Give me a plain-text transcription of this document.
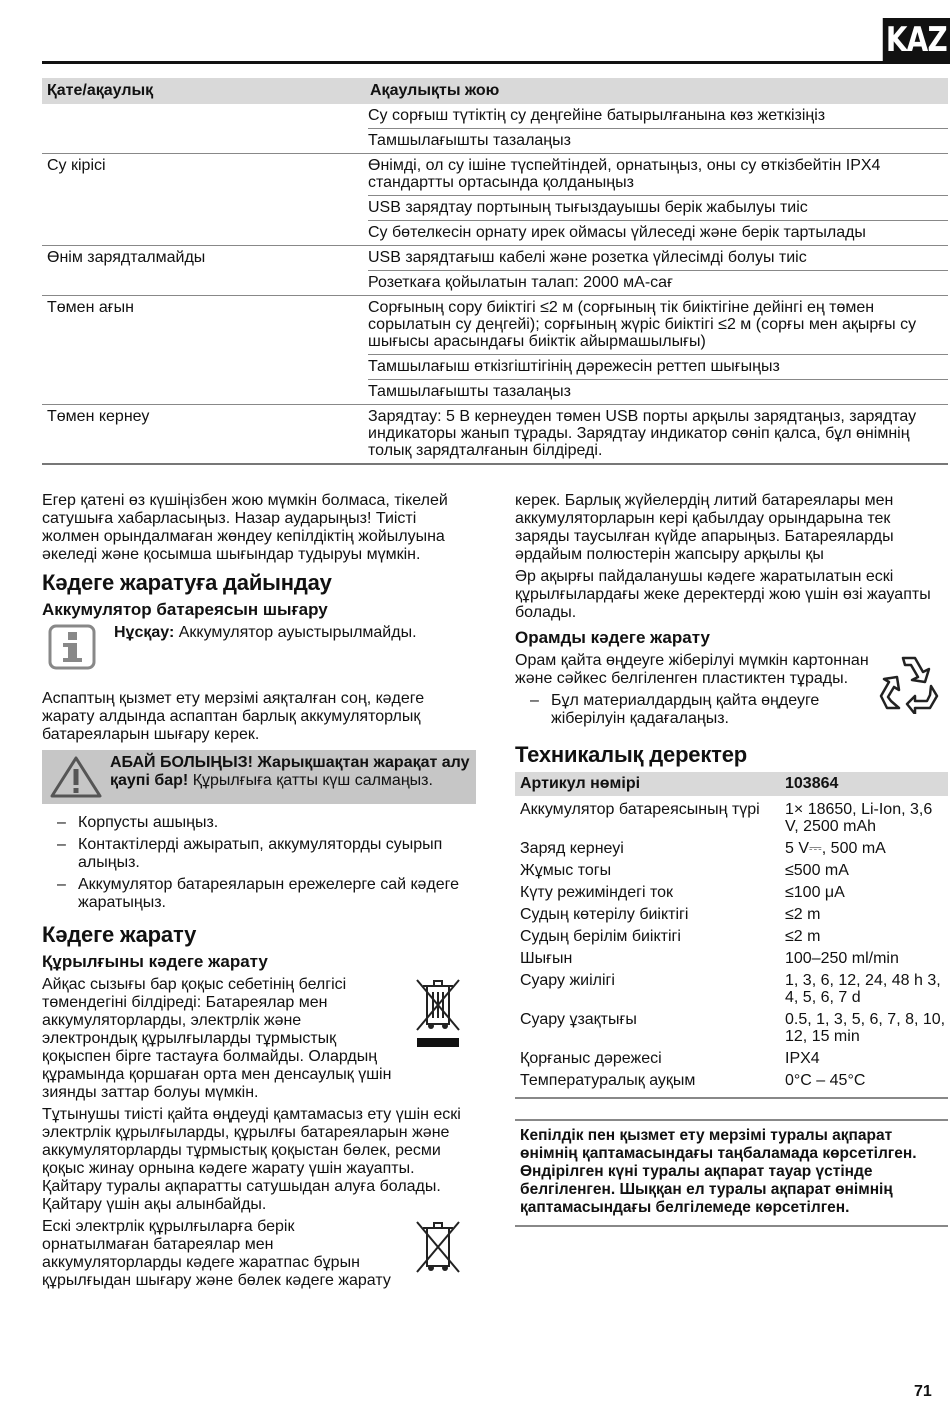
KAZ
Қате/ақаулық	Ақаулықты жою
Су сорғыш түтіктің су деңгейіне батырылғанына көз жеткізіңіз
Тамшылағышты тазалаңыз
Су кірісі	Өнімді, ол су ішіне түспейтіндей, орнатыңыз, оны су өткізбейтін IPX4 стандартты ортасында қолданыңыз
USB зарядтау портының тығыздауышы берік жабылуы тиіс
Су бөтелкесін орнату ирек оймасы үйлеседі және берік тартылады
Өнім зарядталмайды	USB зарядтағыш кабелі және розетка үйлесімді болуы тиіс
Розеткаға қойылатын талап: 2000 мА-сағ
Төмен ағын	Сорғының сору биіктігі ≤2 м (сорғының тік биіктігіне дейінгі ең төмен сорылатын су деңгейі); сорғының жүріс биіктігі ≤2 м (сорғы мен ақырғы су шығысы арасындағы биіктік айырмашылығы)
Тамшылағыш өткізгіштігінің дәрежесін реттеп шығыңыз
Тамшылағышты тазалаңыз
Төмен кернеу	Зарядтау: 5 В кернеуден төмен USB порты арқылы зарядтаңыз, зарядтау индикаторы жанып тұрады. Зарядтау индикатор сөніп қалса, бұл өнімнің толық зарядталғанын білдіреді.

Егер қатені өз күшіңізбен жою мүмкін болмаса, тікелей сатушыға хабарласыңыз. Назар аударыңыз! Тиісті жолмен орындалмаған жөндеу кепілдіктің жойылуына әкеледі және қосымша шығындар тудыруы мүмкін.

Кәдеге жаратуға дайындау
Аккумулятор батареясын шығару
Нұсқау: Аккумулятор ауыстырылмайды.

Аспаптың қызмет ету мерзімі аяқталған соң, кәдеге жарату алдында аспаптан барлық аккумуляторлық батареяларын шығару керек.

АБАЙ БОЛЫҢЫЗ! Жарықшақтан жарақат алу қаупі бар! Құрылғыға қатты күш салмаңыз.
– Корпусты ашыңыз.
– Контактілерді ажыратып, аккумуляторды суырып алыңыз.
– Аккумулятор батареяларын ережелерге сай кәдеге жаратыңыз.
Кәдеге жарату
Құрылғыны кәдеге жарату

Айқас сызығы бар қоқыс себетінің белгісі төмендегіні білдіреді: Батареялар мен аккумуляторларды, электрлік және электрондық құрылғыларды тұрмыстық қоқыспен бірге тастауға болмайды. Олардың құрамында қоршаған орта мен денсаулық үшін зиянды заттар болуы мүмкін.

Тұтынушы тиісті қайта өңдеуді қамтамасыз ету үшін ескі электрлік құрылғыларды, құрылғы батареяларын және аккумуляторларды тұрмыстық қоқыстан бөлек, ресми қоқыс жинау орнына кәдеге жарату үшін жауапты. Қайтару туралы ақпаратты сатушыдан алуға болады. Қайтару үшін ақы алынбайды.

Ескі электрлік құрылғыларға берік орнатылмаған батареялар мен аккумуляторларды кәдеге жаратпас бұрын құрылғыдан шығару және бөлек кәдеге жарату

керек. Барлық жүйелердің литий батареялары мен аккумуляторларын кері қабылдау орындарына тек заряды таусылған күйде апарыңыз. Батареяларды әрдайым полюстерін жапсыру арқылы қы

Әр ақырғы пайдаланушы кәдеге жаратылатын ескі құрылғылардағы жеке деректерді жою үшін өзі жауапты болады.

Орамды кәдеге жарату

Орам қайта өңдеуге жіберілуі мүмкін картоннан және сәйкес белгіленген пластиктен тұрады.

– Бұл материалдардың қайта өңдеуге жіберілуін қадағалаңыз.
Техникалық деректер
Артикул нөмірі	103864
Аккумулятор батареясының түрі	1× 18650, Li-Ion, 3,6 V, 2500 mAh
Заряд кернеуі	5 V⎓, 500 mA
Жұмыс тогы	≤500 mA
Күту режиміндегі ток	≤100 μA
Судың көтерілу биіктігі	≤2 m
Судың берілім биіктігі	≤2 m
Шығын	100–250 ml/min
Суару жиілігі	1, 3, 6, 12, 24, 48 h 3, 4, 5, 6, 7 d
Суару ұзақтығы	0.5, 1, 3, 5, 6, 7, 8, 10, 12, 15 min
Қорғаныс дәрежесі	IPX4
Температуралық ауқым	0°C – 45°C
Кепілдік пен қызмет ету мерзімі туралы ақпарат өнімнің қаптамасындағы таңбаламада көрсетілген. Өндірілген күні туралы ақпарат тауар үстінде белгіленген. Шыққан ел туралы ақпарат өнімнің қаптамасындағы белгілемеде көрсетілген.
71
